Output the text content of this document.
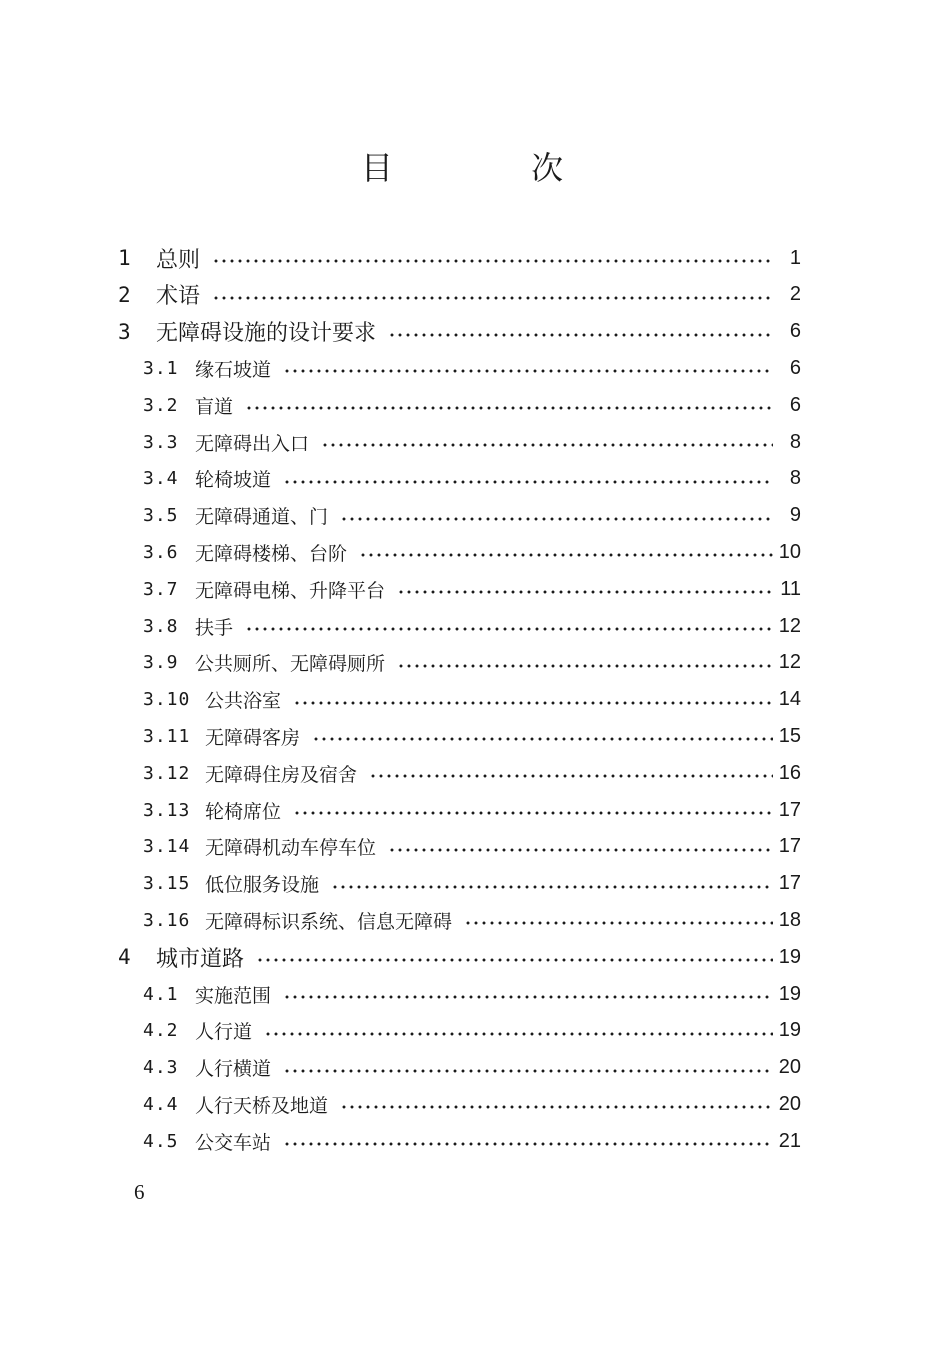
目 次
1	总则	1
2	术语	2
3	无障碍设施的设计要求	6
3.1 缘石坡道	6
3.2 盲道	6
3.3 无障碍出入口	8
3.4 轮椅坡道	8
3.5 无障碍通道、门	9
3.6 无障碍楼梯、台阶	10
3.7 无障碍电梯、升降平台	11
3.8 扶手	12
3.9 公共厕所、无障碍厕所	12
3.10 公共浴室	14
3.11 无障碍客房	15
3.12 无障碍住房及宿舍	16
3.13 轮椅席位	17
3.14 无障碍机动车停车位	17
3.15 低位服务设施	17
3.16 无障碍标识系统、信息无障碍	18
4	城市道路	19
4.1 实施范围	19
4.2 人行道	19
4.3 人行横道	20
4.4 人行天桥及地道	20
4.5 公交车站	21
6
